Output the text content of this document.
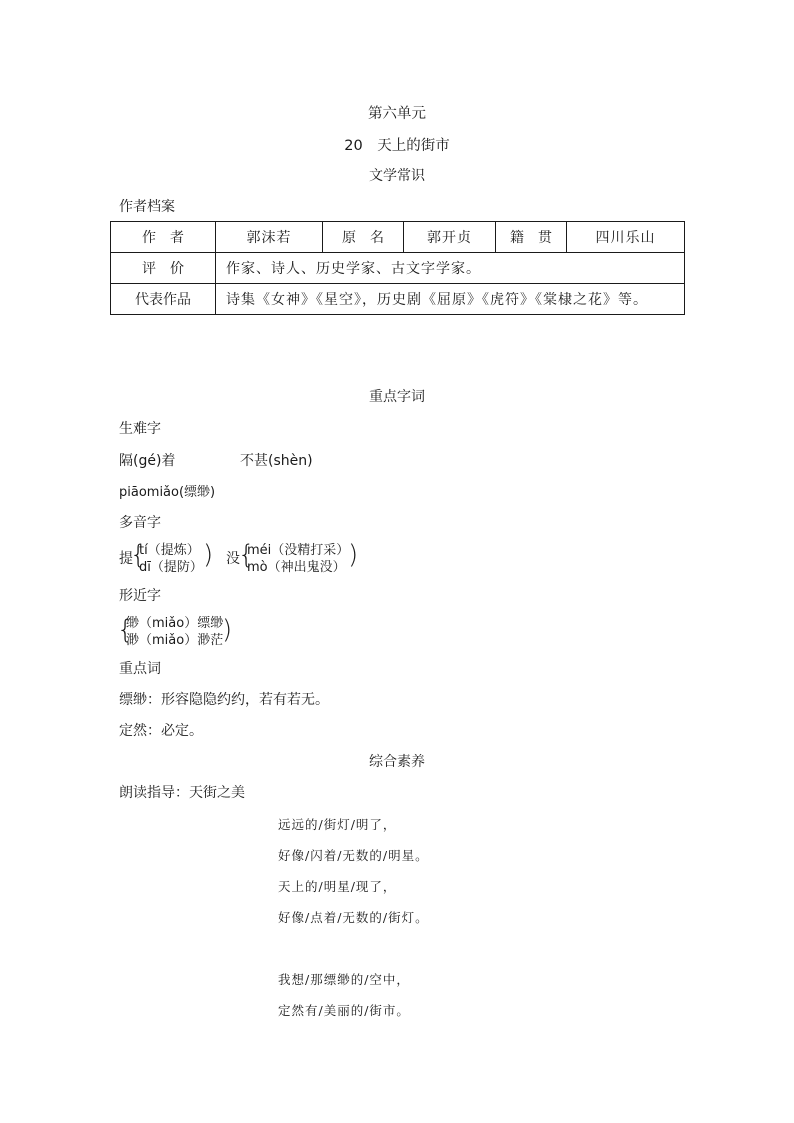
第六单元
20　天上的街市
文学常识
作者档案
作　者	郭沫若	原　名	郭开贞	籍　贯	四川乐山
评　价	作家、诗人、历史学家、古文字学家。				
代表作品	诗集《女神》《星空》，历史剧《屈原》《虎符》《棠棣之花》等。				
重点字词
生难字
隔(gé)着	不甚(shèn)
piāomiǎo(缥缈)
多音字
提
{
tí（提炼）
dī（提防） ) 没
{
méi（没精打采）
mò（神出鬼没） )
形近字
{
缈（miǎo）缥缈
渺（miǎo）渺茫
)
重点词
缥缈：形容隐隐约约，若有若无。
定然：必定。
综合素养
朗读指导：天街之美
远远的/街灯/明了，
好像/闪着/无数的/明星。
天上的/明星/现了，
好像/点着/无数的/街灯。
我想/那缥缈的/空中，
定然有/美丽的/街市。
